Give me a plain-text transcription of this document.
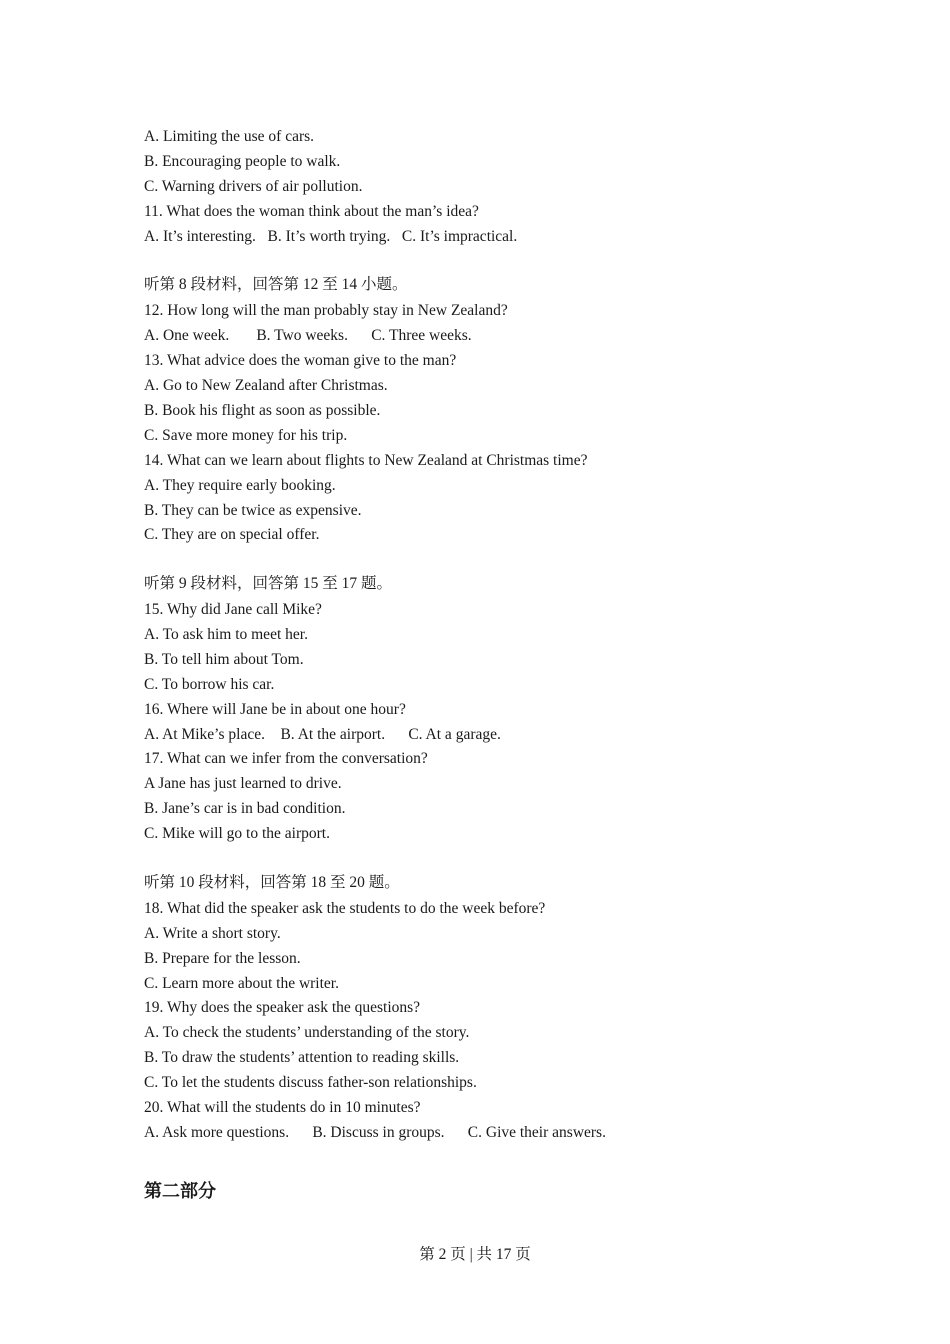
A. Limiting the use of cars.
B. Encouraging people to walk.
C. Warning drivers of air pollution.
11. What does the woman think about the man’s idea?
A. It’s interesting.   B. It’s worth trying.   C. It’s impractical.
听第 8 段材料，回答第 12 至 14 小题。
12. How long will the man probably stay in New Zealand?
A. One week.       B. Two weeks.      C. Three weeks.
13. What advice does the woman give to the man?
A. Go to New Zealand after Christmas.
B. Book his flight as soon as possible.
C. Save more money for his trip.
14. What can we learn about flights to New Zealand at Christmas time?
A. They require early booking.
B. They can be twice as expensive.
C. They are on special offer.
听第 9 段材料，回答第 15 至 17 题。
15. Why did Jane call Mike?
A. To ask him to meet her.
B. To tell him about Tom.
C. To borrow his car.
16. Where will Jane be in about one hour?
A. At Mike’s place.    B. At the airport.      C. At a garage.
17. What can we infer from the conversation?
A Jane has just learned to drive.
B. Jane’s car is in bad condition.
C. Mike will go to the airport.
听第 10 段材料，回答第 18 至 20 题。
18. What did the speaker ask the students to do the week before?
A. Write a short story.
B. Prepare for the lesson.
C. Learn more about the writer.
19. Why does the speaker ask the questions?
A. To check the students’ understanding of the story.
B. To draw the students’ attention to reading skills.
C. To let the students discuss father-son relationships.
20. What will the students do in 10 minutes?
A. Ask more questions.      B. Discuss in groups.      C. Give their answers.
第二部分
第 2 页 | 共 17 页
